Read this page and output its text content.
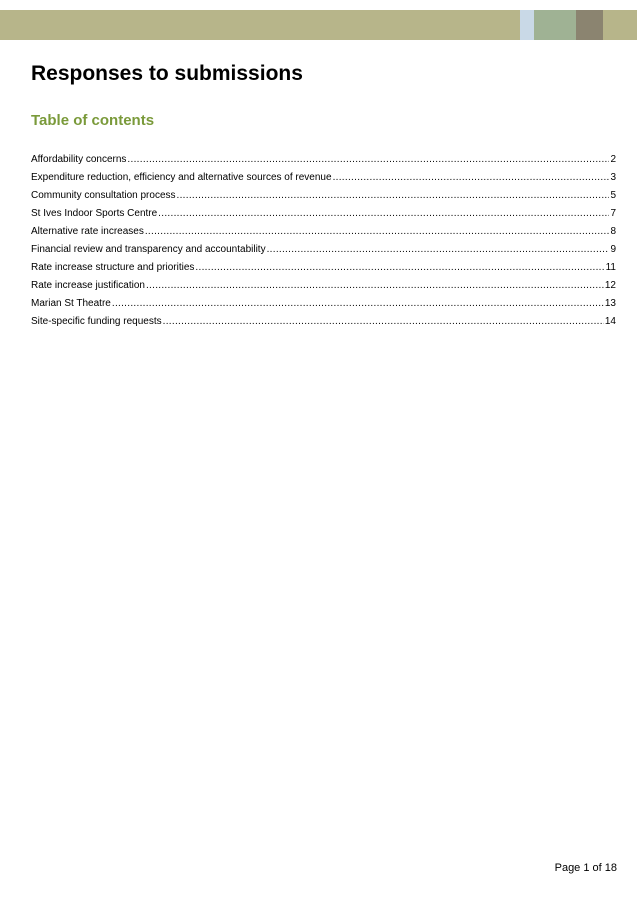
Responses to submissions
Table of contents
Affordability concerns .....	2
Expenditure reduction, efficiency and alternative sources of revenue .....	3
Community consultation process .....	5
St Ives Indoor Sports Centre .....	7
Alternative rate increases .....	8
Financial review and transparency and accountability .....	9
Rate increase structure and priorities .....	11
Rate increase justification .....	12
Marian St Theatre .....	13
Site-specific funding requests .....	14
Page 1 of 18
